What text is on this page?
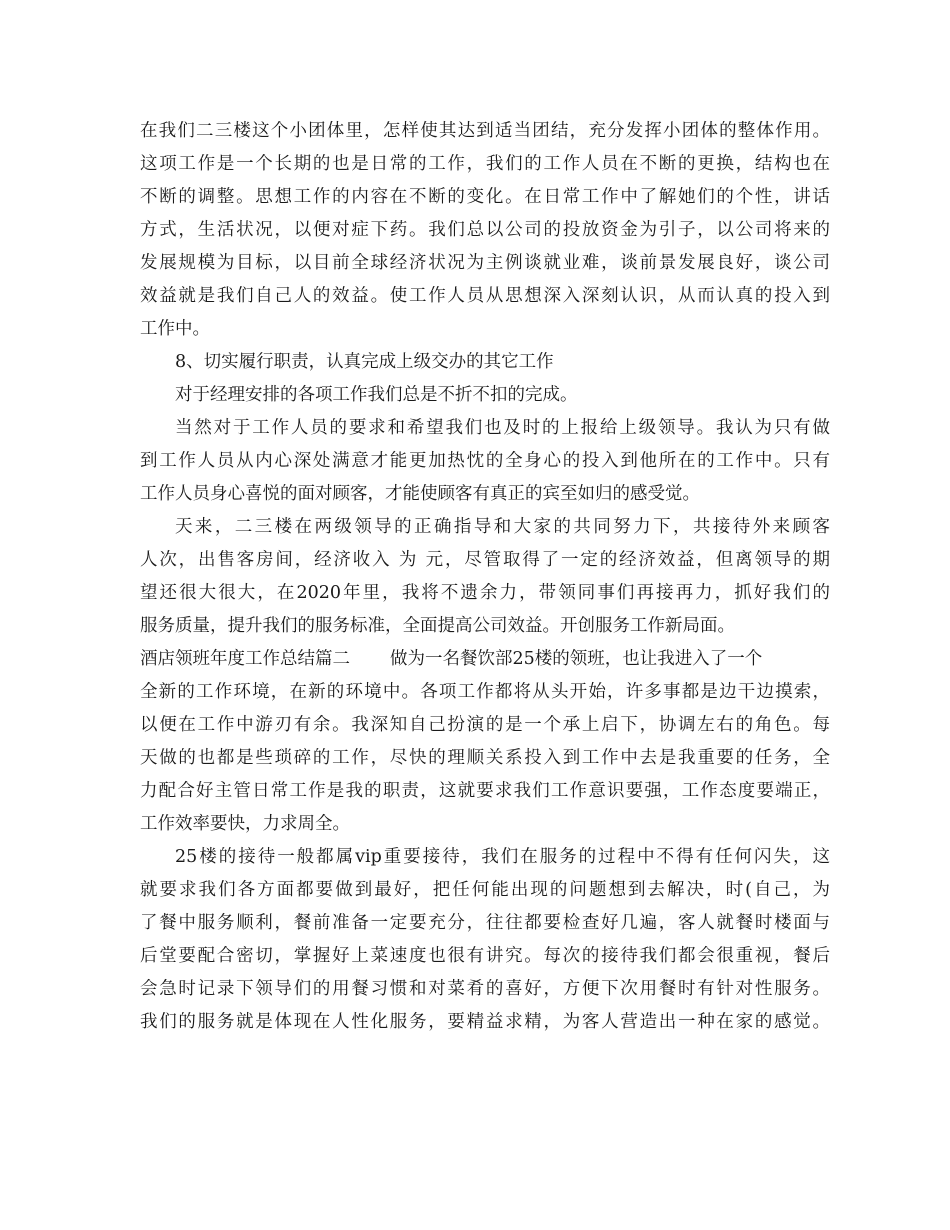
在我们二三楼这个小团体里，怎样使其达到适当团结，充分发挥小团体的整体作用。
这项工作是一个长期的也是日常的工作，我们的工作人员在不断的更换，结构也在
不断的调整。思想工作的内容在不断的变化。在日常工作中了解她们的个性，讲话
方式，生活状况，以便对症下药。我们总以公司的投放资金为引子，以公司将来的
发展规模为目标，以目前全球经济状况为主例谈就业难，谈前景发展良好，谈公司
效益就是我们自己人的效益。使工作人员从思想深入深刻认识，从而认真的投入到
工作中。
8、切实履行职责，认真完成上级交办的其它工作
对于经理安排的各项工作我们总是不折不扣的完成。
当然对于工作人员的要求和希望我们也及时的上报给上级领导。我认为只有做
到工作人员从内心深处满意才能更加热忱的全身心的投入到他所在的工作中。只有
工作人员身心喜悦的面对顾客，才能使顾客有真正的宾至如归的感受觉。
天来，二三楼在两级领导的正确指导和大家的共同努力下，共接待外来顾客
人次，出售客房间，经济收入 为 元，尽管取得了一定的经济效益，但离领导的期
望还很大很大，在2020年里，我将不遗余力，带领同事们再接再力，抓好我们的
服务质量，提升我们的服务标准，全面提高公司效益。开创服务工作新局面。
酒店领班年度工作总结篇二 做为一名餐饮部25楼的领班，也让我进入了一个
全新的工作环境，在新的环境中。各项工作都将从头开始，许多事都是边干边摸索，
以便在工作中游刃有余。我深知自己扮演的是一个承上启下，协调左右的角色。每
天做的也都是些琐碎的工作，尽快的理顺关系投入到工作中去是我重要的任务，全
力配合好主管日常工作是我的职责，这就要求我们工作意识要强，工作态度要端正，
工作效率要快，力求周全。
25楼的接待一般都属vip重要接待，我们在服务的过程中不得有任何闪失，这
就要求我们各方面都要做到最好，把任何能出现的问题想到去解决，时(自己，为
了餐中服务顺利，餐前准备一定要充分，往往都要检查好几遍，客人就餐时楼面与
后堂要配合密切，掌握好上菜速度也很有讲究。每次的接待我们都会很重视，餐后
会急时记录下领导们的用餐习惯和对菜肴的喜好，方便下次用餐时有针对性服务。
我们的服务就是体现在人性化服务，要精益求精，为客人营造出一种在家的感觉。
